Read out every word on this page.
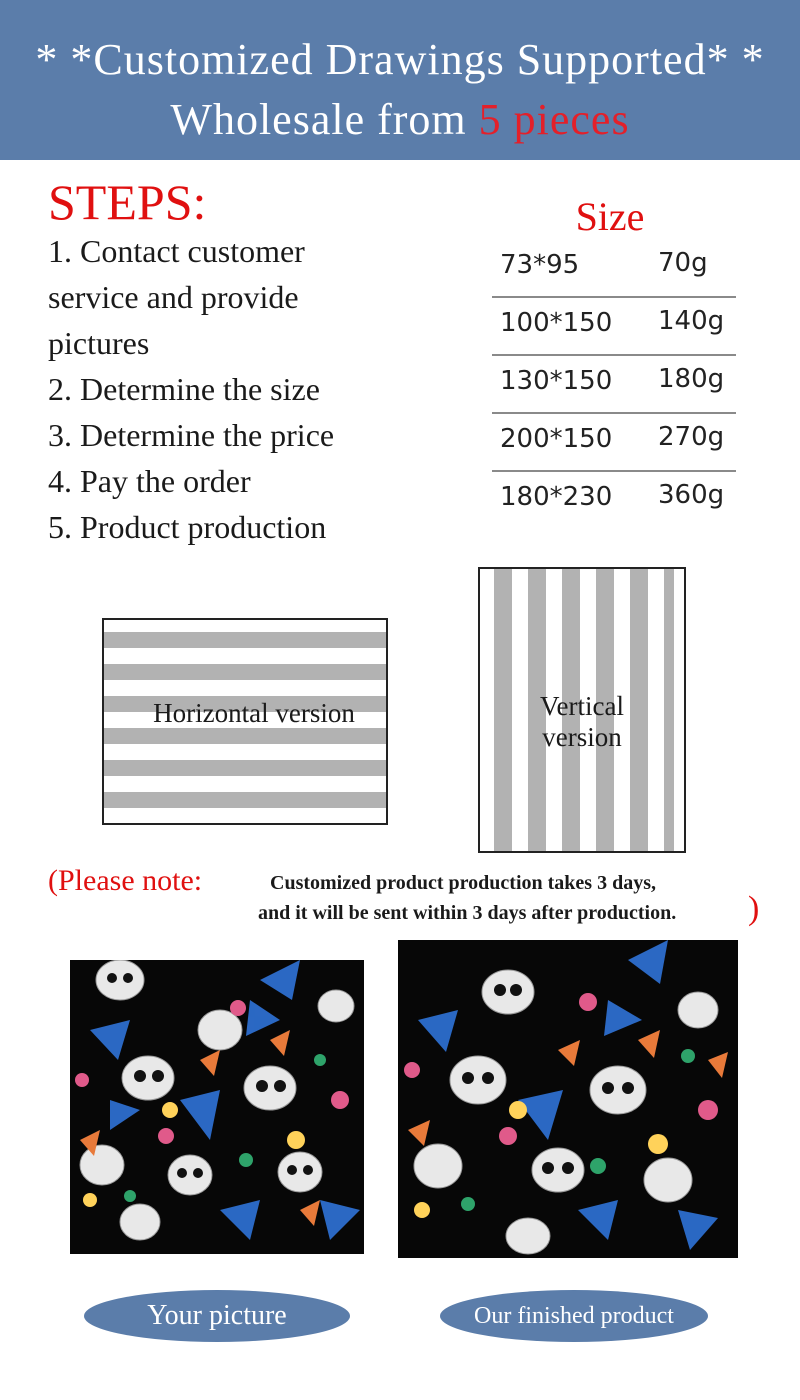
* *Customized Drawings Supported* *
Wholesale from 5 pieces
STEPS:
1. Contact customer
service and provide
pictures
2. Determine the size
3. Determine the price
4. Pay the order
5. Product production
Size
73*95	70g
100*150 140g
130*150 180g
200*150 270g
180*230 360g
Horizontal version	Vertical
version
(Please note:	Customized product production takes 3 days,
and it will be sent within 3 days after production. )
Your picture	Our finished product
